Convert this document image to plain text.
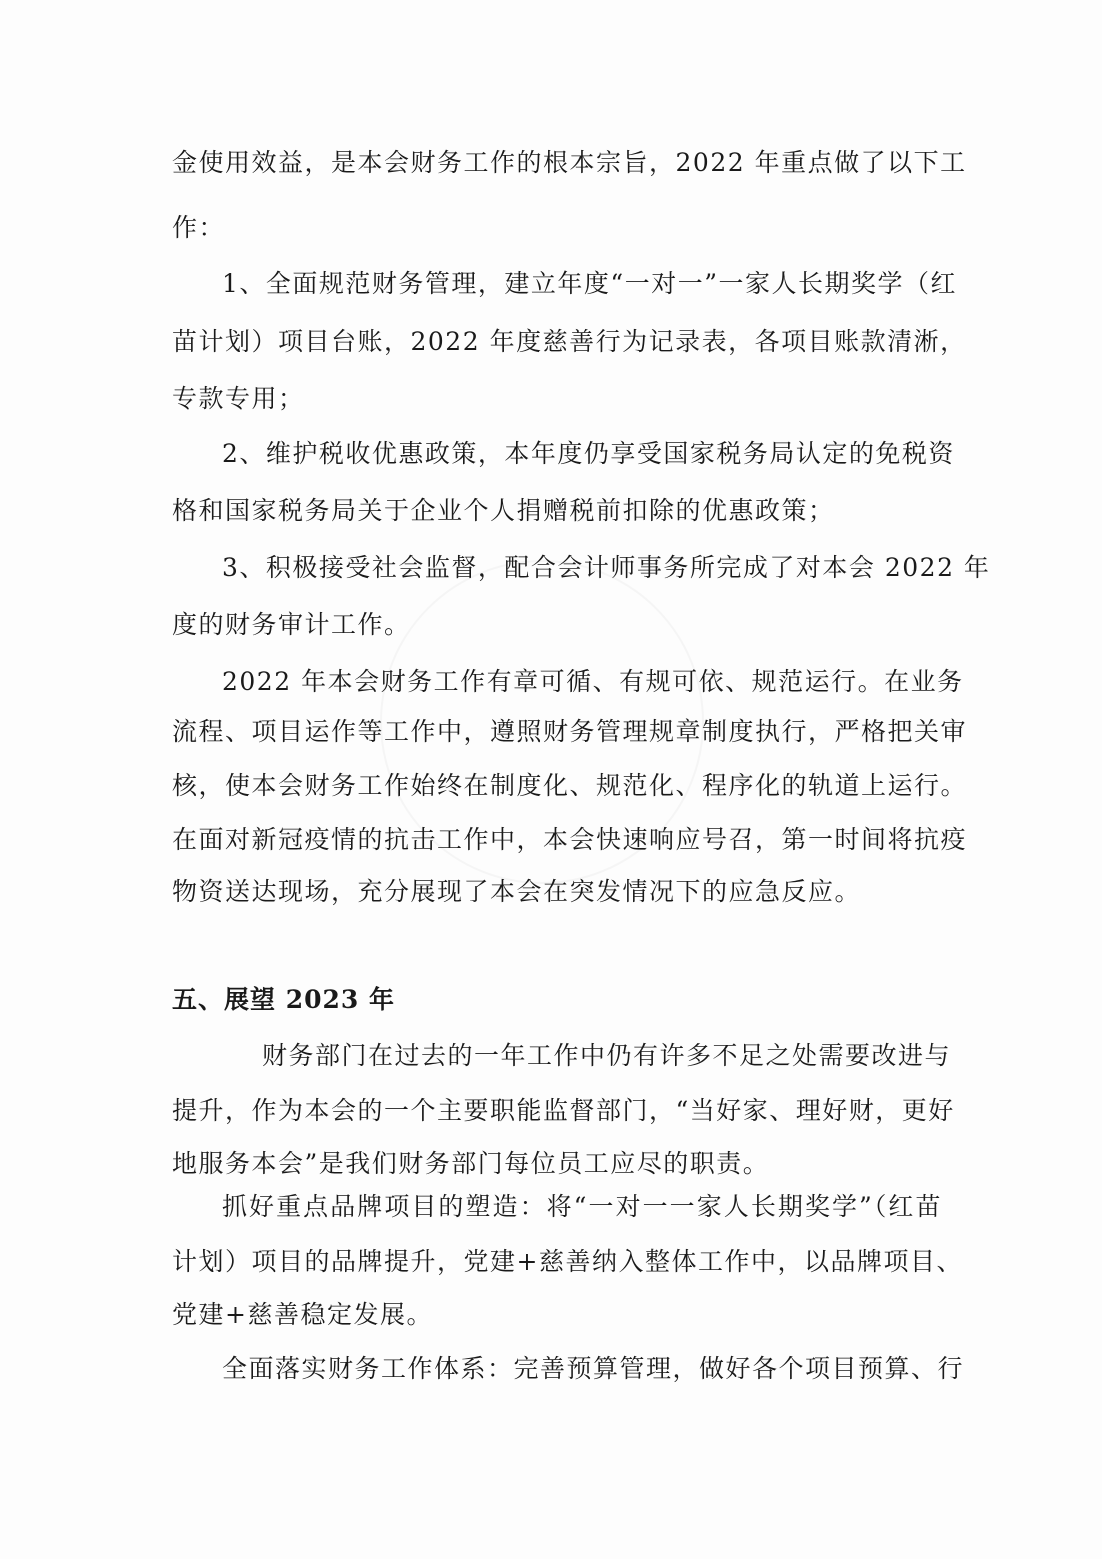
金使用效益，是本会财务工作的根本宗旨，2022 年重点做了以下工
作：
1、全面规范财务管理，建立年度“一对一”一家人长期奖学（红
苗计划）项目台账，2022 年度慈善行为记录表，各项目账款清淅，
专款专用；
2、维护税收优惠政策，本年度仍享受国家税务局认定的免税资
格和国家税务局关于企业个人捐赠税前扣除的优惠政策；
3、积极接受社会监督，配合会计师事务所完成了对本会 2022 年
度的财务审计工作。
2022 年本会财务工作有章可循、有规可依、规范运行。在业务
流程、项目运作等工作中，遵照财务管理规章制度执行，严格把关审
核，使本会财务工作始终在制度化、规范化、程序化的轨道上运行。
在面对新冠疫情的抗击工作中，本会快速响应号召，第一时间将抗疫
物资送达现场，充分展现了本会在突发情况下的应急反应。
五、展望 2023 年
财务部门在过去的一年工作中仍有许多不足之处需要改进与
提升，作为本会的一个主要职能监督部门，“当好家、理好财，更好
地服务本会”是我们财务部门每位员工应尽的职责。
抓好重点品牌项目的塑造：将“一对一一家人长期奖学”（红苗
计划）项目的品牌提升，党建+慈善纳入整体工作中，以品牌项目、
党建+慈善稳定发展。
全面落实财务工作体系：完善预算管理，做好各个项目预算、行
